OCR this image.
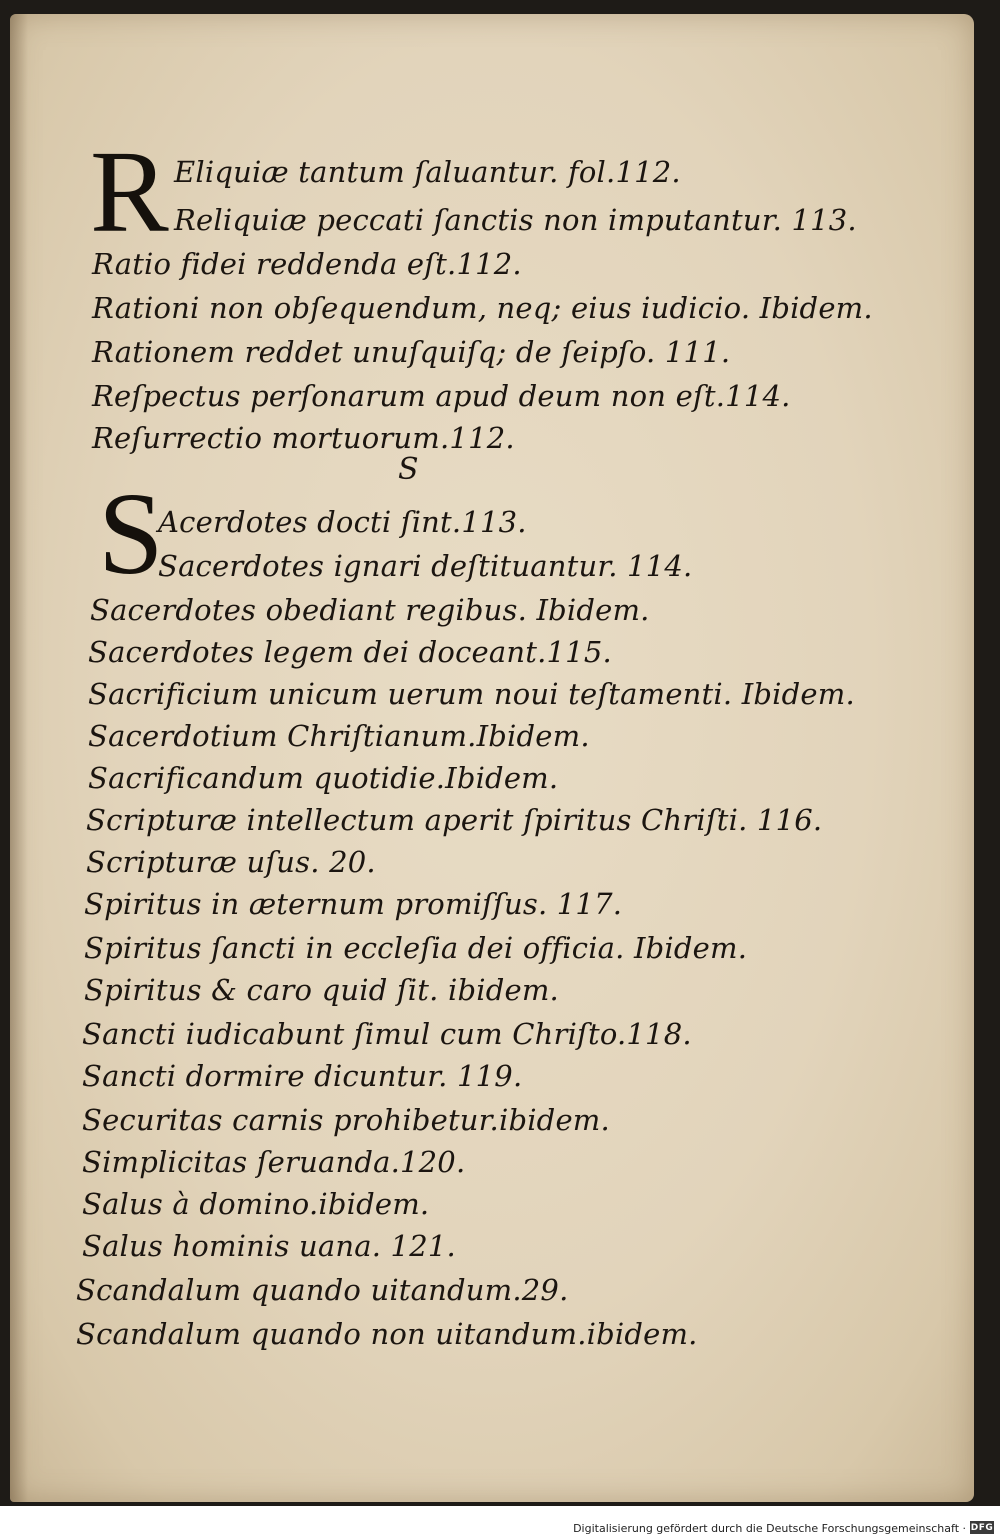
R Eliquiæ tantum ſaluantur. fol.112.
Reliquiæ peccati ſanctis non imputantur. 113.
Ratio fidei reddenda eſt.112.
Rationi non obſequendum, neq; eius iudicio. Ibidem.
Rationem reddet unuſquiſq; de ſeipſo. 111.
Reſpectus perſonarum apud deum non eſt.114.
Reſurrectio mortuorum.112.
S
S
Acerdotes docti ſint.113.
Sacerdotes ignari deſtituantur. 114.
Sacerdotes obediant regibus. Ibidem.
Sacerdotes legem dei doceant.115.
Sacrificium unicum uerum noui teſtamenti. Ibidem.
Sacerdotium Chriſtianum.Ibidem.
Sacrificandum quotidie.Ibidem.
Scripturæ intellectum aperit ſpiritus Chriſti. 116.
Scripturæ uſus. 20.
Spiritus in æternum promiſſus. 117.
Spiritus ſancti in eccleſia dei officia. Ibidem.
Spiritus & caro quid ſit. ibidem.
Sancti iudicabunt ſimul cum Chriſto.118.
Sancti dormire dicuntur. 119.
Securitas carnis prohibetur.ibidem.
Simplicitas ſeruanda.120.
Salus à domino.ibidem.
Salus hominis uana. 121.
Scandalum quando uitandum.29.
Scandalum quando non uitandum.ibidem.
Digitalisierung gefördert durch die Deutsche Forschungsgemeinschaft · DFG
